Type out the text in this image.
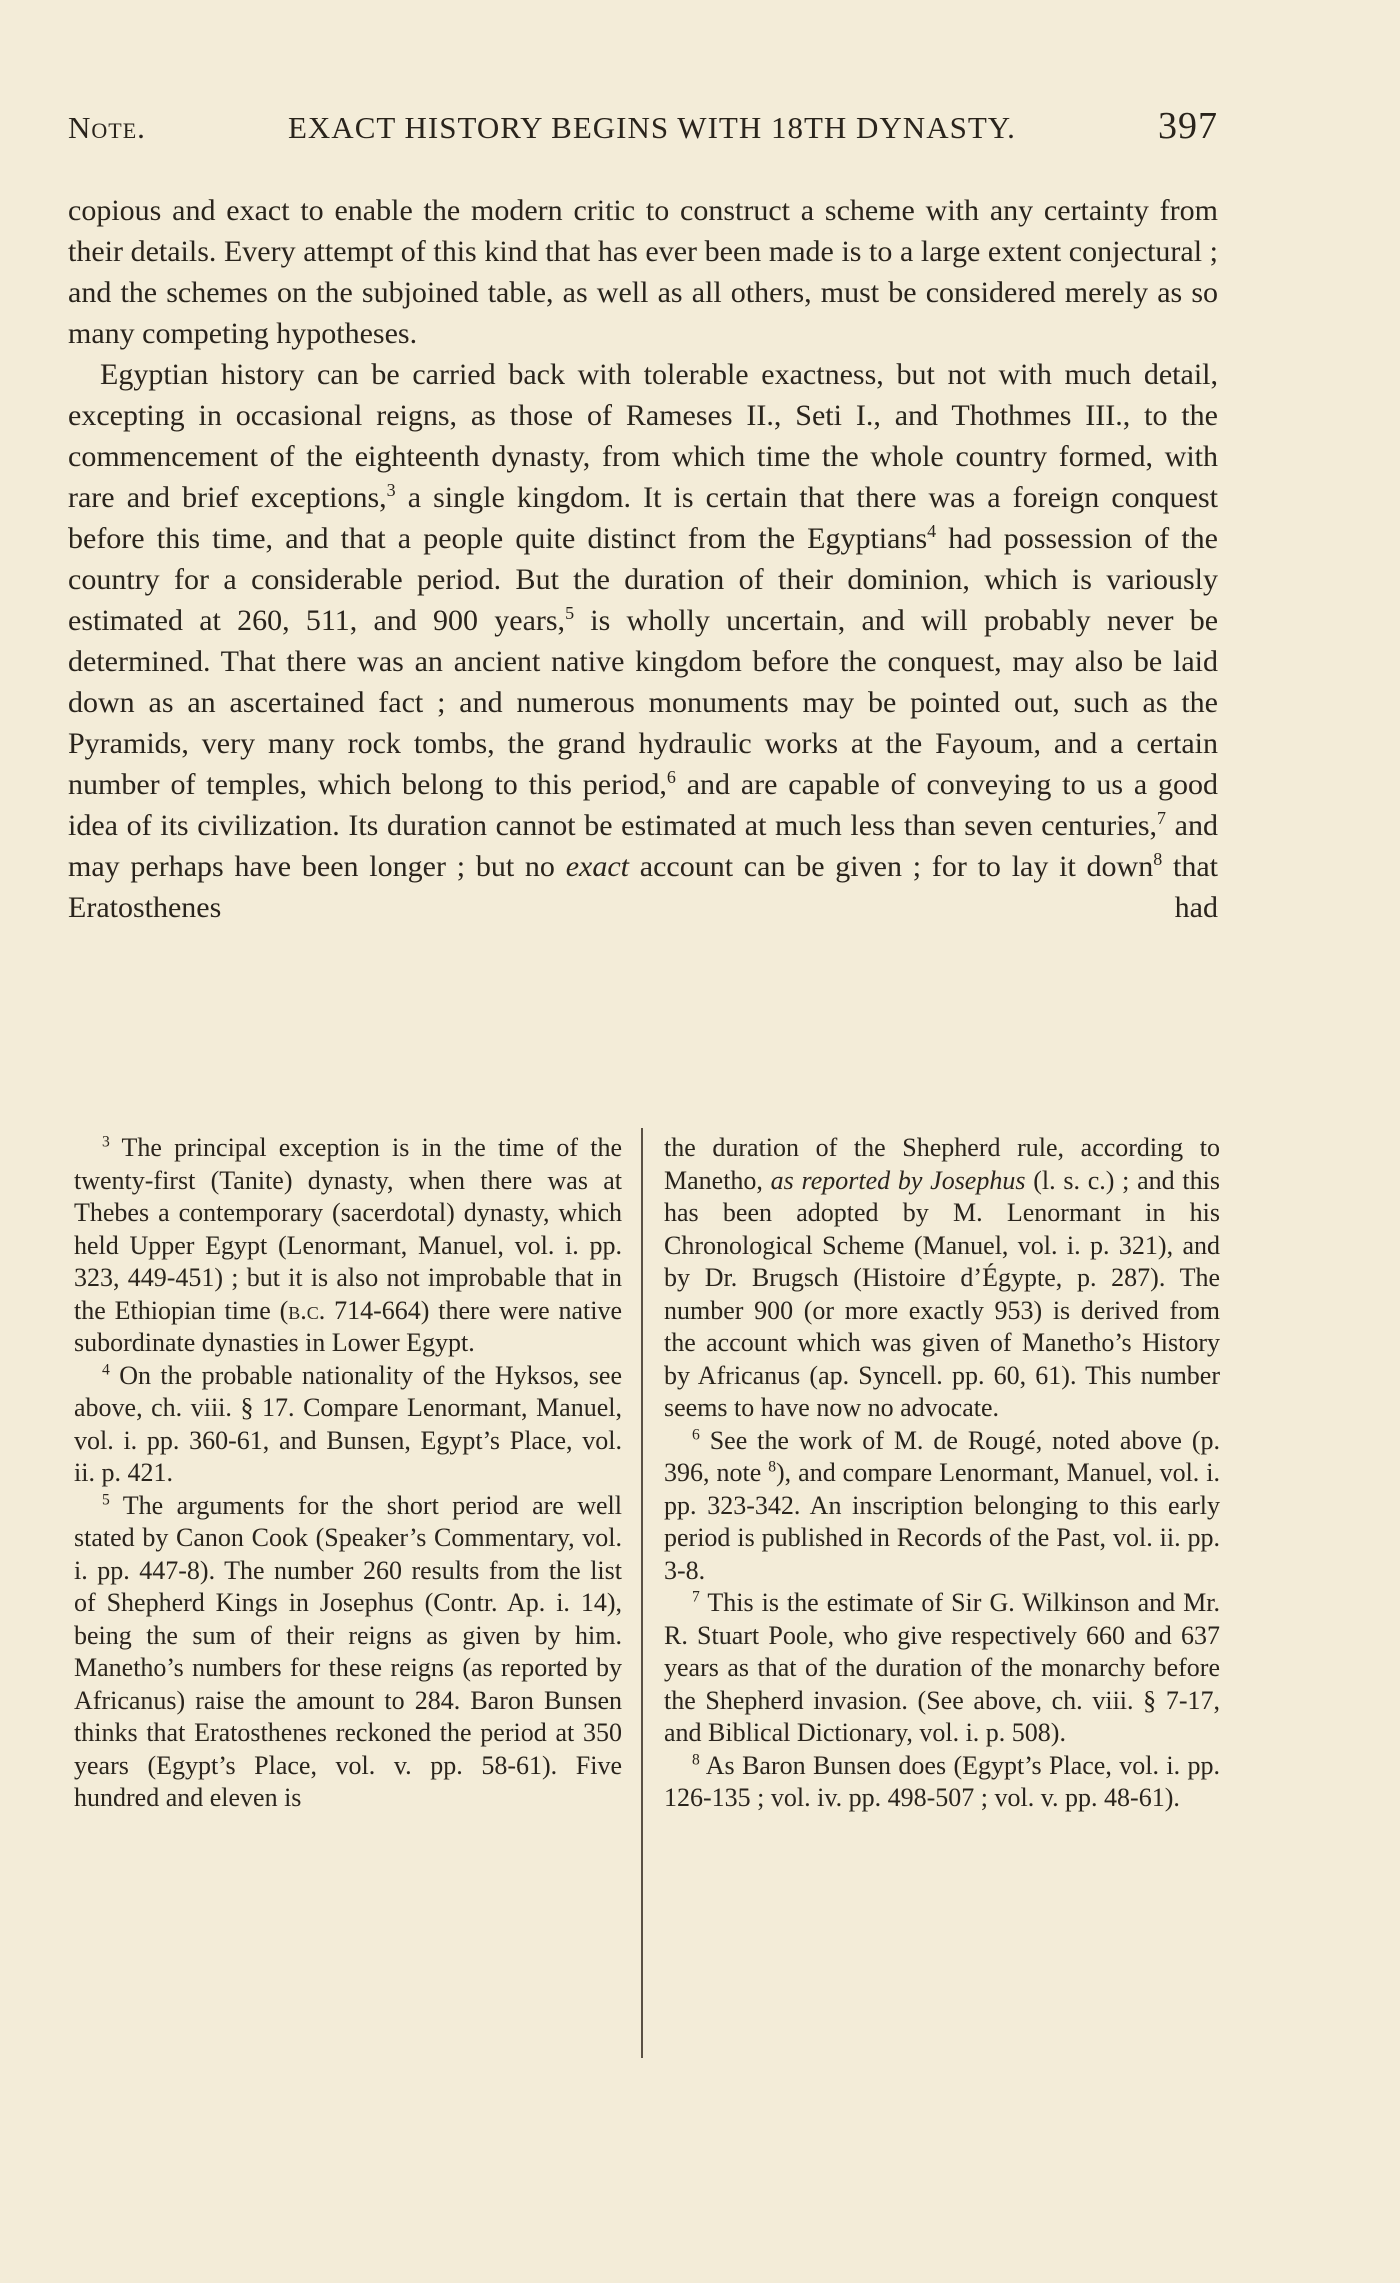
Note.	EXACT HISTORY BEGINS WITH 18TH DYNASTY.	397

copious and exact to enable the modern critic to construct a scheme with any certainty from their details. Every attempt of this kind that has ever been made is to a large extent conjectural ; and the schemes on the subjoined table, as well as all others, must be considered merely as so many competing hypotheses.

Egyptian history can be carried back with tolerable exactness, but not with much detail, excepting in occasional reigns, as those of Rameses II., Seti I., and Thothmes III., to the commencement of the eighteenth dynasty, from which time the whole country formed, with rare and brief exceptions,$^3$ a single kingdom. It is certain that there was a foreign conquest before this time, and that a people quite distinct from the Egyptians$^4$ had possession of the country for a considerable period. But the duration of their dominion, which is variously estimated at 260, 511, and 900 years,$^5$ is wholly uncertain, and will probably never be determined. That there was an ancient native kingdom before the conquest, may also be laid down as an ascertained fact ; and numerous monuments may be pointed out, such as the Pyramids, very many rock tombs, the grand hydraulic works at the Fayoum, and a certain number of temples, which belong to this period,$^6$ and are capable of conveying to us a good idea of its civilization. Its duration cannot be estimated at much less than seven centuries,$^7$ and may perhaps have been longer ; but no exact account can be given ; for to lay it down$^8$ that Eratosthenes had

$^3$ The principal exception is in the time of the twenty-first (Tanite) dynasty, when there was at Thebes a contemporary (sacerdotal) dynasty, which held Upper Egypt (Lenormant, Manuel, vol. i. pp. 323, 449-451) ; but it is also not improbable that in the Ethiopian time (b.c. 714-664) there were native subordinate dynasties in Lower Egypt.

$^4$ On the probable nationality of the Hyksos, see above, ch. viii. § 17. Compare Lenormant, Manuel, vol. i. pp. 360-61, and Bunsen, Egypt’s Place, vol. ii. p. 421.

$^5$ The arguments for the short period are well stated by Canon Cook (Speaker’s Commentary, vol. i. pp. 447-8). The number 260 results from the list of Shepherd Kings in Josephus (Contr. Ap. i. 14), being the sum of their reigns as given by him. Manetho’s numbers for these reigns (as reported by Africanus) raise the amount to 284. Baron Bunsen thinks that Eratosthenes reckoned the period at 350 years (Egypt’s Place, vol. v. pp. 58-61). Five hundred and eleven is

the duration of the Shepherd rule, according to Manetho, as reported by Josephus (l. s. c.) ; and this has been adopted by M. Lenormant in his Chronological Scheme (Manuel, vol. i. p. 321), and by Dr. Brugsch (Histoire d’Égypte, p. 287). The number 900 (or more exactly 953) is derived from the account which was given of Manetho’s History by Africanus (ap. Syncell. pp. 60, 61). This number seems to have now no advocate.

$^6$ See the work of M. de Rougé, noted above (p. 396, note $^8$), and compare Lenormant, Manuel, vol. i. pp. 323-342. An inscription belonging to this early period is published in Records of the Past, vol. ii. pp. 3-8.

$^7$ This is the estimate of Sir G. Wilkinson and Mr. R. Stuart Poole, who give respectively 660 and 637 years as that of the duration of the monarchy before the Shepherd invasion. (See above, ch. viii. § 7-17, and Biblical Dictionary, vol. i. p. 508).

$^8$ As Baron Bunsen does (Egypt’s Place, vol. i. pp. 126-135 ; vol. iv. pp. 498-507 ; vol. v. pp. 48-61).
